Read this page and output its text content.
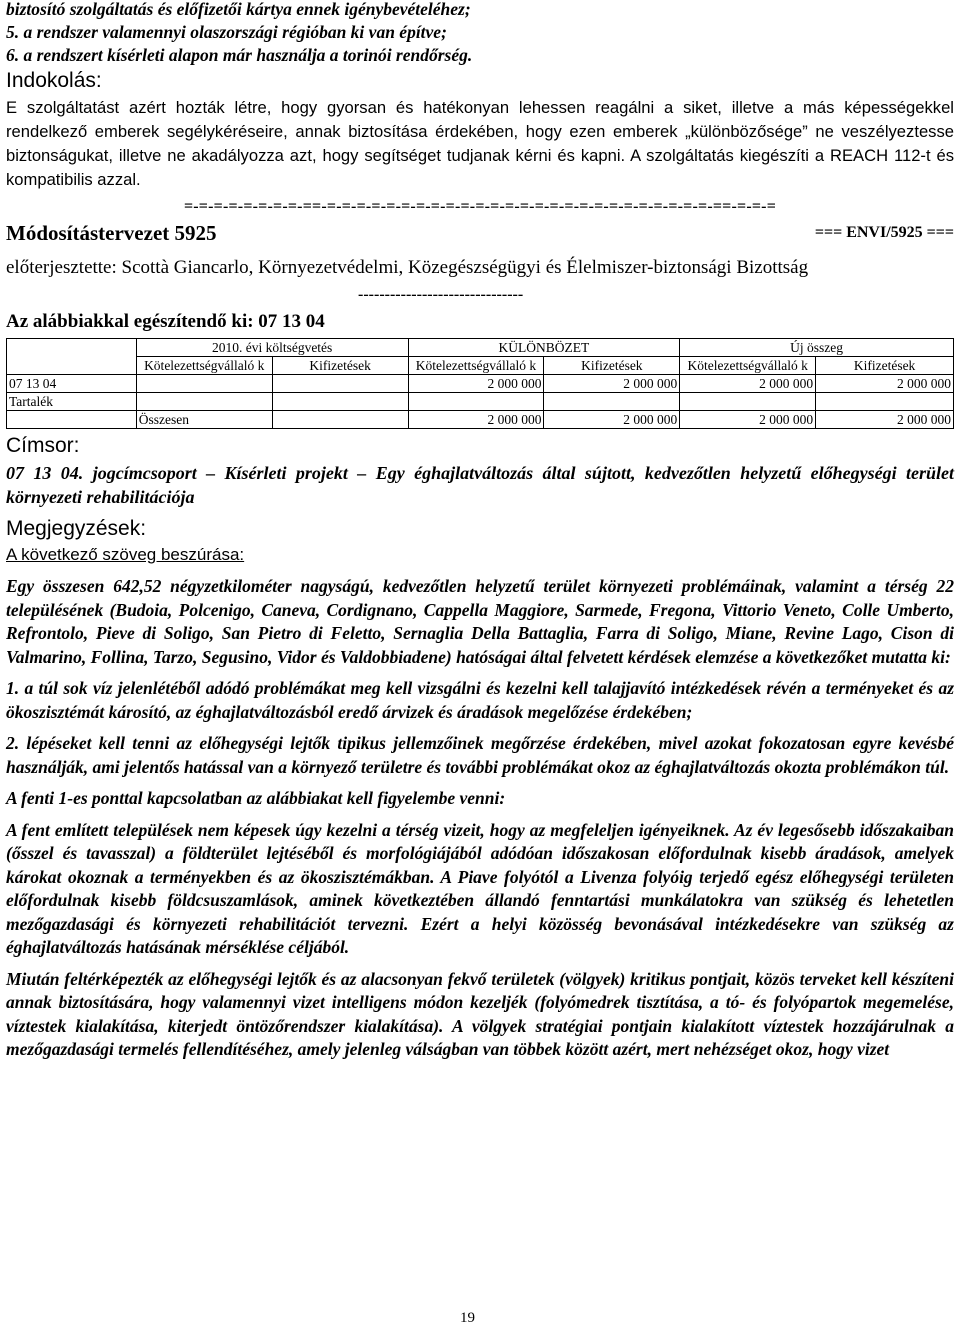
biztosító szolgáltatás és előfizetői kártya ennek igénybevételéhez;
5. a rendszer valamennyi olaszországi régióban ki van építve;
6. a rendszert kísérleti alapon már használja a torinói rendőrség.
Indokolás:

E szolgáltatást azért hozták létre, hogy gyorsan és hatékonyan lehessen reagálni a siket, illetve a más képességekkel rendelkező emberek segélykéréseire, annak biztosítása érdekében, hogy ezen emberek „különbözősége” ne veszélyeztesse biztonságukat, illetve ne akadályozza azt, hogy segítséget tudjanak kérni és kapni. A szolgáltatás kiegészíti a REACH 112-t és kompatibilis azzal.

=-=-=-=-=-=-=-=-==-=-=-=-=-=-=-=-=-=-=-=-=-=-=-=-=-=-=-=-=-=-=-=-=-=-=-==-=-=-=
Módosítástervezet 5925	=== ENVI/5925 ===
előterjesztette: Scottà Giancarlo, Környezetvédelmi, Közegészségügyi és Élelmiszer-biztonsági Bizottság
-------------------------------
Az alábbiakkal egészítendő ki: 07 13 04
	2010. évi költségvetés		KÜLÖNBÖZET		Új összeg	
	Kötelezettségvállaló k	Kifizetések	Kötelezettségvállaló k	Kifizetések	Kötelezettségvállaló k	Kifizetések
07 13 04			2 000 000	2 000 000	2 000 000	2 000 000
Tartalék						
	Összesen		2 000 000	2 000 000	2 000 000	2 000 000
Címsor:
07 13 04. jogcímcsoport – Kísérleti projekt – Egy éghajlatváltozás által sújtott, kedvezőtlen helyzetű előhegységi terület környezeti rehabilitációja
Megjegyzések:
A következő szöveg beszúrása:

Egy összesen 642,52 négyzetkilométer nagyságú, kedvezőtlen helyzetű terület környezeti problémáinak, valamint a térség 22 településének (Budoia, Polcenigo, Caneva, Cordignano, Cappella Maggiore, Sarmede, Fregona, Vittorio Veneto, Colle Umberto, Refrontolo, Pieve di Soligo, San Pietro di Feletto, Sernaglia Della Battaglia, Farra di Soligo, Miane, Revine Lago, Cison di Valmarino, Follina, Tarzo, Segusino, Vidor és Valdobbiadene) hatóságai által felvetett kérdések elemzése a következőket mutatta ki:

1. a túl sok víz jelenlétéből adódó problémákat meg kell vizsgálni és kezelni kell talajjavító intézkedések révén a terményeket és az ökoszisztémát károsító, az éghajlatváltozásból eredő árvizek és áradások megelőzése érdekében;

2. lépéseket kell tenni az előhegységi lejtők tipikus jellemzőinek megőrzése érdekében, mivel azokat fokozatosan egyre kevésbé használják, ami jelentős hatással van a környező területre és további problémákat okoz az éghajlatváltozás okozta problémákon túl.

A fenti 1-es ponttal kapcsolatban az alábbiakat kell figyelembe venni:

A fent említett települések nem képesek úgy kezelni a térség vizeit, hogy az megfeleljen igényeiknek. Az év legesősebb időszakaiban (ősszel és tavasszal) a földterület lejtéséből és morfológiájából adódóan időszakosan előfordulnak kisebb áradások, amelyek károkat okoznak a terményekben és az ökoszisztémákban. A Piave folyótól a Livenza folyóig terjedő egész előhegységi területen előfordulnak kisebb földcsuszamlások, aminek következtében állandó fenntartási munkálatokra van szükség és lehetetlen mezőgazdasági és környezeti rehabilitációt tervezni. Ezért a helyi közösség bevonásával intézkedésekre van szükség az éghajlatváltozás hatásának mérséklése céljából.

Miután feltérképezték az előhegységi lejtők és az alacsonyan fekvő területek (völgyek) kritikus pontjait, közös terveket kell készíteni annak biztosítására, hogy valamennyi vizet intelligens módon kezeljék (folyómedrek tisztítása, a tó- és folyópartok megemelése, víztestek kialakítása, kiterjedt öntözőrendszer kialakítása). A völgyek stratégiai pontjain kialakított víztestek hozzájárulnak a mezőgazdasági termelés fellendítéséhez, amely jelenleg válságban van többek között azért, mert nehézséget okoz, hogy vizet

19
